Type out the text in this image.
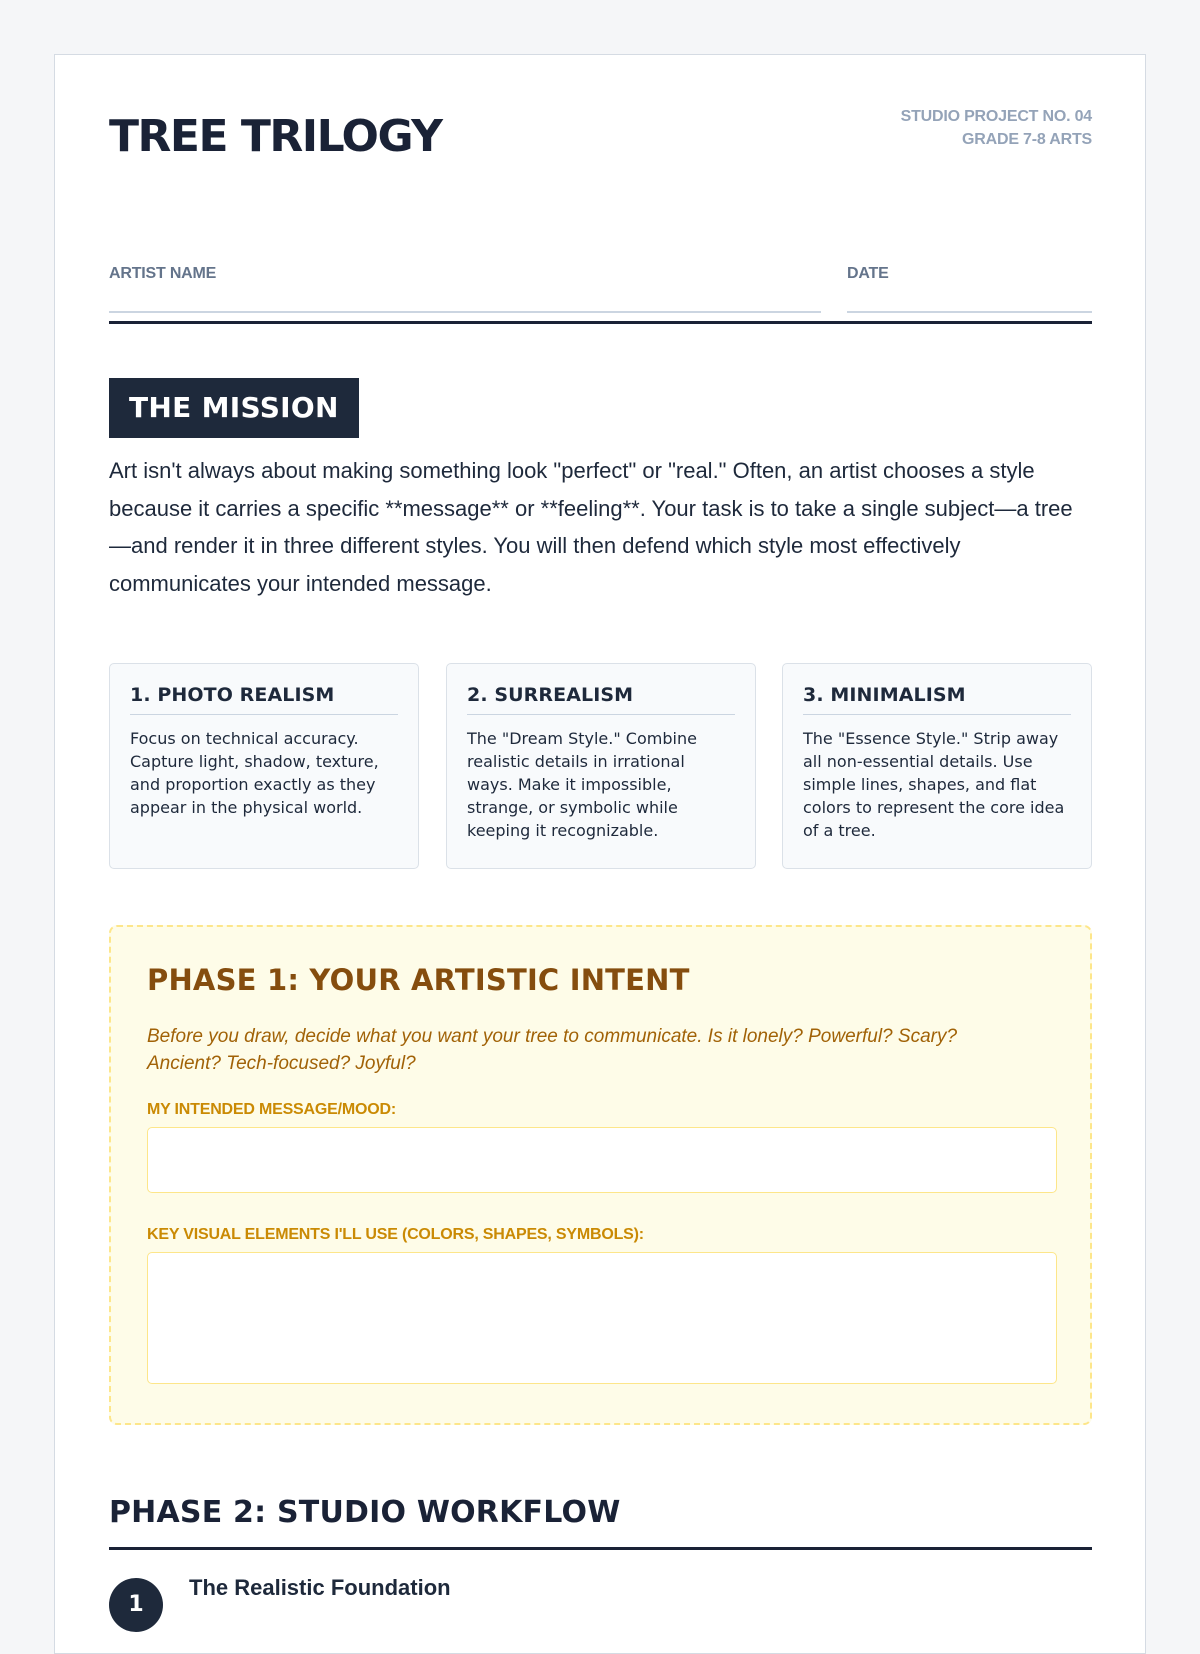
TREE TRILOGY	STUDIO PROJECT NO. 04
GRADE 7-8 ARTS
ARTIST NAME	DATE
THE MISSION

Art isn't always about making something look "perfect" or "real." Often, an artist chooses a style because it carries a specific **message** or **feeling**. Your task is to take a single subject—a tree—and render it in three different styles. You will then defend which style most effectively communicates your intended message.

1. PHOTO REALISM
Focus on technical accuracy. Capture light, shadow, texture, and proportion exactly as they appear in the physical world.
2. SURREALISM
The "Dream Style." Combine realistic details in irrational ways. Make it impossible, strange, or symbolic while keeping it recognizable.
3. MINIMALISM
The "Essence Style." Strip away all non-essential details. Use simple lines, shapes, and flat colors to represent the core idea of a tree.
PHASE 1: YOUR ARTISTIC INTENT
Before you draw, decide what you want your tree to communicate. Is it lonely? Powerful? Scary? Ancient? Tech-focused? Joyful?
MY INTENDED MESSAGE/MOOD:
KEY VISUAL ELEMENTS I'LL USE (COLORS, SHAPES, SYMBOLS):
PHASE 2: STUDIO WORKFLOW
1
The Realistic Foundation
